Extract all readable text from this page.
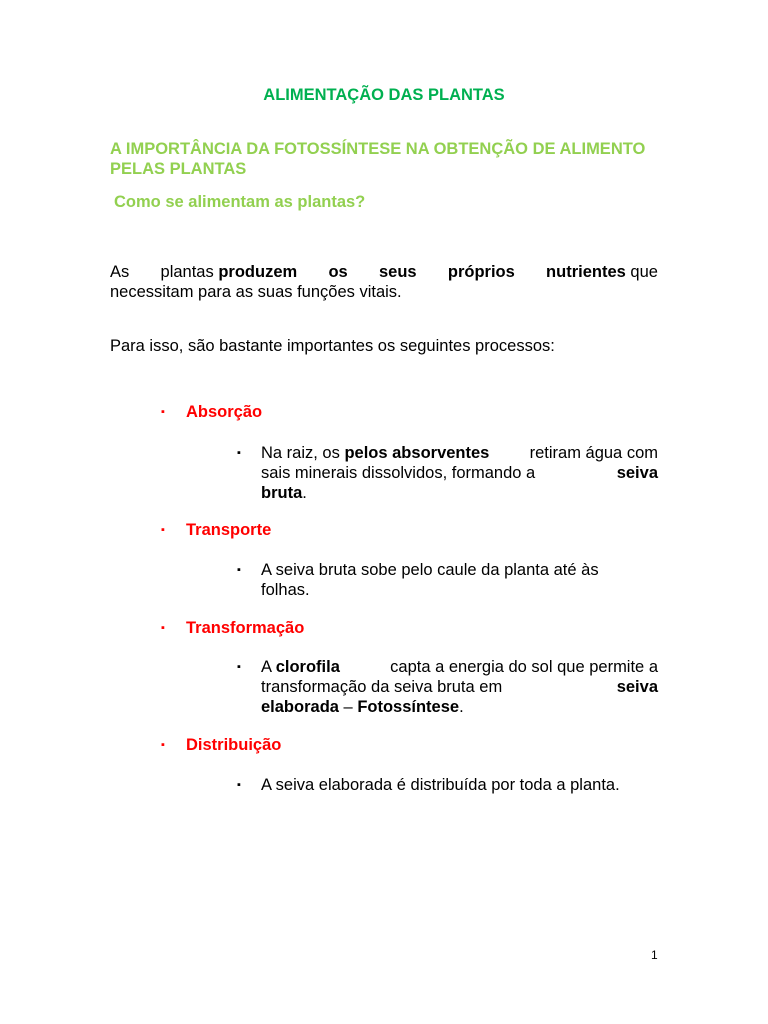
ALIMENTAÇÃO DAS PLANTAS
A IMPORTÂNCIA DA FOTOSSÍNTESE NA OBTENÇÃO DE ALIMENTO PELAS PLANTAS
Como se alimentam as plantas?
As plantas produzem os seus próprios nutrientes que
necessitam para as suas funções vitais.
Para isso, são bastante importantes os seguintes processos:
▪ Absorção
▪ Na raiz, os pelos absorventes retiram água com
sais minerais dissolvidos, formando a	seiva
bruta.
▪ Transporte
▪ A seiva bruta sobe pelo caule da planta até às
folhas.
▪ Transformação
▪ A clorofila	capta a energia do sol que permite a
transformação da seiva bruta em	seiva
elaborada – Fotossíntese.
▪ Distribuição
▪	A seiva elaborada é distribuída por toda a planta.
1
